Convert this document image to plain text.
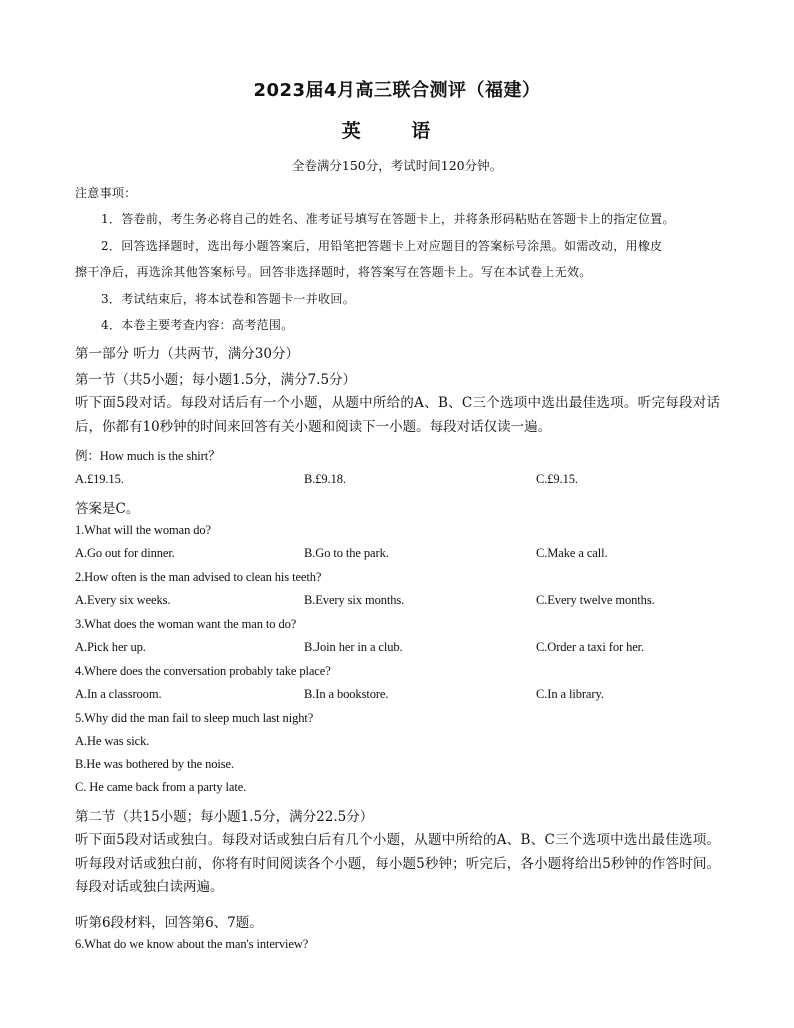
2023届4月高三联合测评（福建）
英 语
全卷满分150分，考试时间120分钟。
注意事项：
1．答卷前，考生务必将自己的姓名、准考证号填写在答题卡上，并将条形码粘贴在答题卡上的指定位置。
2．回答选择题时，选出每小题答案后，用铅笔把答题卡上对应题目的答案标号涂黑。如需改动，用橡皮
擦干净后，再选涂其他答案标号。回答非选择题时，将答案写在答题卡上。写在本试卷上无效。
3．考试结束后，将本试卷和答题卡一并收回。
4．本卷主要考查内容：高考范围。
第一部分 听力（共两节，满分30分）
第一节（共5小题；每小题1.5分，满分7.5分）
听下面5段对话。每段对话后有一个小题，从题中所给的A、B、C三个选项中选出最佳选项。听完每段对话后，你都有10秒钟的时间来回答有关小题和阅读下一小题。每段对话仅读一遍。
例：How much is the shirt？
A.£19.15.	B.£9.18.	C.£9.15.
答案是C。
1.What will the woman do?
A.Go out for dinner.	B.Go to the park.	C.Make a call.
2.How often is the man advised to clean his teeth?
A.Every six weeks.	B.Every six months.	C.Every twelve months.
3.What does the woman want the man to do?
A.Pick her up.	B.Join her in a club.	C.Order a taxi for her.
4.Where does the conversation probably take place?
A.In a classroom.	B.In a bookstore.	C.In a library.
5.Why did the man fail to sleep much last night?
A.He was sick.
B.He was bothered by the noise.
C. He came back from a party late.
第二节（共15小题；每小题1.5分，满分22.5分）
听下面5段对话或独白。每段对话或独白后有几个小题，从题中所给的A、B、C三个选项中选出最佳选项。听每段对话或独白前，你将有时间阅读各个小题，每小题5秒钟；听完后，各小题将给出5秒钟的作答时间。每段对话或独白读两遍。
听第6段材料，回答第6、7题。
6.What do we know about the man's interview?
